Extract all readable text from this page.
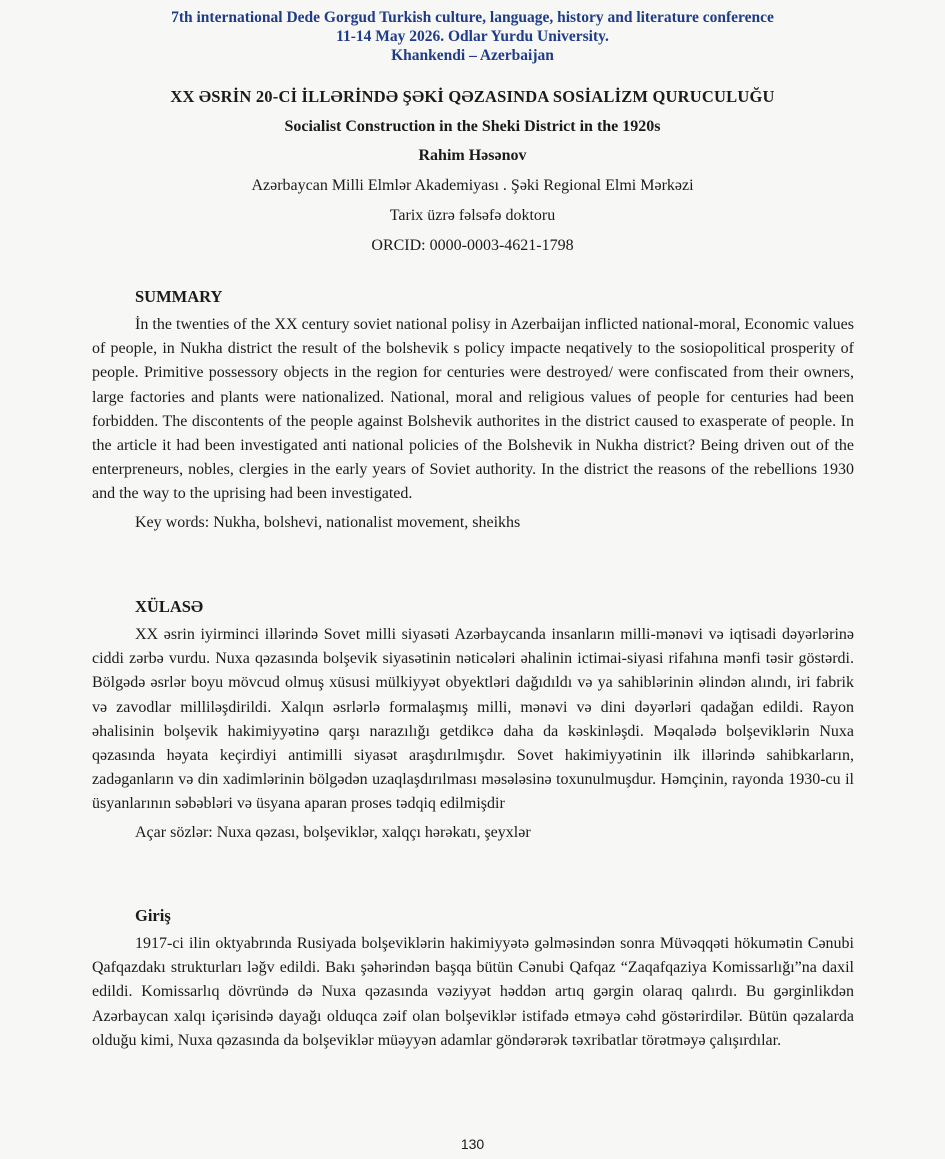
7th international Dede Gorgud Turkish culture, language, history and literature conference
11-14 May 2026. Odlar Yurdu University.
Khankendi – Azerbaijan

XX ƏSRİN 20-Cİ İLLƏRİNDƏ ŞƏKİ QƏZASINDA SOSİALİZM QURUCULUĞU

Socialist Construction in the Sheki District in the 1920s

Rahim Həsənov

Azərbaycan Milli Elmlər Akademiyası . Şəki Regional Elmi Mərkəzi

Tarix üzrə fəlsəfə doktoru

ORCID: 0000-0003-4621-1798

SUMMARY

İn the twenties of the XX century soviet national polisy in Azerbaijan inflicted national-moral, Economic values of people, in Nukha district the result of the bolshevik s policy impacte neqatively to the sosiopolitical prosperity of people. Primitive possessory objects in the region for centuries were destroyed/ were confiscated from their owners, large factories and plants were nationalized. National, moral and religious values of people for centuries had been forbidden. The discontents of the people against Bolshevik authorites in the district caused to exasperate of people. In the article it had been investigated anti national policies of the Bolshevik in Nukha district? Being driven out of the enterpreneurs, nobles, clergies in the early years of Soviet authority. In the district the reasons of the rebellions 1930 and the way to the uprising had been investigated.

Key words: Nukha, bolshevi, nationalist movement, sheikhs
XÜLASƏ

XX əsrin iyirminci illərində Sovet milli siyasəti Azərbaycanda insanların milli-mənəvi və iqtisadi dəyərlərinə ciddi zərbə vurdu. Nuxa qəzasında bolşevik siyasətinin nəticələri əhalinin ictimai-siyasi rifahına mənfi təsir göstərdi. Bölgədə əsrlər boyu mövcud olmuş xüsusi mülkiyyət obyektləri dağıdıldı və ya sahiblərinin əlindən alındı, iri fabrik və zavodlar milliləşdirildi. Xalqın əsrlərlə formalaşmış milli, mənəvi və dini dəyərləri qadağan edildi. Rayon əhalisinin bolşevik hakimiyyətinə qarşı narazılığı getdikcə daha da kəskinləşdi. Məqalədə bolşeviklərin Nuxa qəzasında həyata keçirdiyi antimilli siyasət araşdırılmışdır. Sovet hakimiyyətinin ilk illərində sahibkarların, zadəganların və din xadimlərinin bölgədən uzaqlaşdırılması məsələsinə toxunulmuşdur. Həmçinin, rayonda 1930-cu il üsyanlarının səbəbləri və üsyana aparan proses tədqiq edilmişdir

Açar sözlər: Nuxa qəzası, bolşeviklər, xalqçı hərəkatı, şeyxlər
Giriş

1917-ci ilin oktyabrında Rusiyada bolşeviklərin hakimiyyətə gəlməsindən sonra Müvəqqəti hökumətin Cənubi Qafqazdakı strukturları ləğv edildi. Bakı şəhərindən başqa bütün Cənubi Qafqaz “Zaqafqaziya Komissarlığı”na daxil edildi. Komissarlıq dövründə də Nuxa qəzasında vəziyyət həddən artıq gərgin olaraq qalırdı. Bu gərginlikdən Azərbaycan xalqı içərisində dayağı olduqca zəif olan bolşeviklər istifadə etməyə cəhd göstərirdilər. Bütün qəzalarda olduğu kimi, Nuxa qəzasında da bolşeviklər müəyyən adamlar göndərərək təxribatlar törətməyə çalışırdılar.

130
